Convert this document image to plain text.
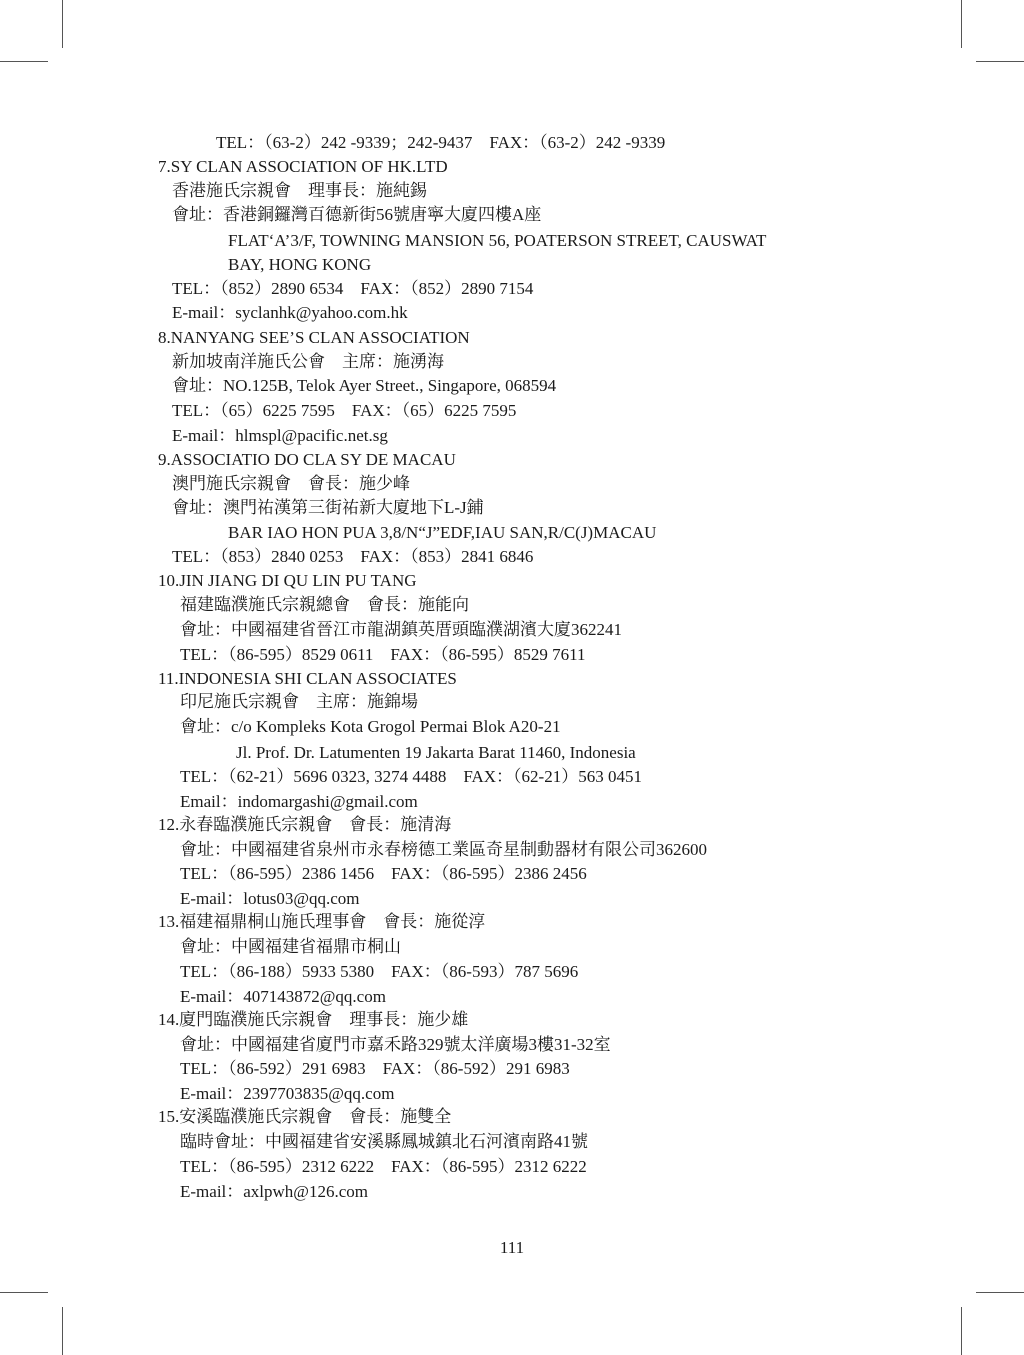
TEL：（63-2）242 -9339；242-9437　FAX：（63-2）242 -9339
7.SY CLAN ASSOCIATION OF HK.LTD
香港施氏宗親會　理事長：施純錫
會址：香港銅鑼灣百德新街56號唐寧大廈四樓A座
FLAT‘A’3/F, TOWNING MANSION 56, POATERSON STREET, CAUSWAT
BAY, HONG KONG
TEL：（852）2890 6534　FAX：（852）2890 7154
E-mail：syclanhk@yahoo.com.hk
8.NANYANG SEE’S CLAN ASSOCIATION
新加坡南洋施氏公會　主席：施湧海
會址：NO.125B, Telok Ayer Street., Singapore, 068594
TEL：（65）6225 7595　FAX：（65）6225 7595
E-mail：hlmspl@pacific.net.sg
9.ASSOCIATIO DO CLA SY DE MACAU
澳門施氏宗親會　會長：施少峰
會址：澳門祐漢第三街祐新大廈地下L-J鋪
BAR IAO HON PUA 3,8/N“J”EDF,IAU SAN,R/C(J)MACAU
TEL：（853）2840 0253　FAX：（853）2841 6846
10.JIN JIANG DI QU LIN PU TANG
福建臨濮施氏宗親總會　會長：施能向
會址：中國福建省晉江市龍湖鎮英厝頭臨濮湖濱大廈362241
TEL：（86-595）8529 0611　FAX：（86-595）8529 7611
11.INDONESIA SHI CLAN ASSOCIATES
印尼施氏宗親會　主席：施錦場
會址：c/o Kompleks Kota Grogol Permai Blok A20-21
Jl. Prof. Dr. Latumenten 19 Jakarta Barat 11460, Indonesia
TEL：（62-21）5696 0323, 3274 4488　FAX：（62-21）563 0451
Email：indomargashi@gmail.com
12.永春臨濮施氏宗親會　會長：施清海
會址：中國福建省泉州市永春榜德工業區奇星制動器材有限公司362600
TEL：（86-595）2386 1456　FAX：（86-595）2386 2456
E-mail：lotus03@qq.com
13.福建福鼎桐山施氏理事會　會長：施從淳
會址：中國福建省福鼎市桐山
TEL：（86-188）5933 5380　FAX：（86-593）787 5696
E-mail：407143872@qq.com
14.廈門臨濮施氏宗親會　理事長：施少雄
會址：中國福建省廈門市嘉禾路329號太洋廣場3樓31-32室
TEL：（86-592）291 6983　FAX：（86-592）291 6983
E-mail：2397703835@qq.com
15.安溪臨濮施氏宗親會　會長：施雙全
臨時會址：中國福建省安溪縣鳳城鎮北石河濱南路41號
TEL：（86-595）2312 6222　FAX：（86-595）2312 6222
E-mail：axlpwh@126.com
111
